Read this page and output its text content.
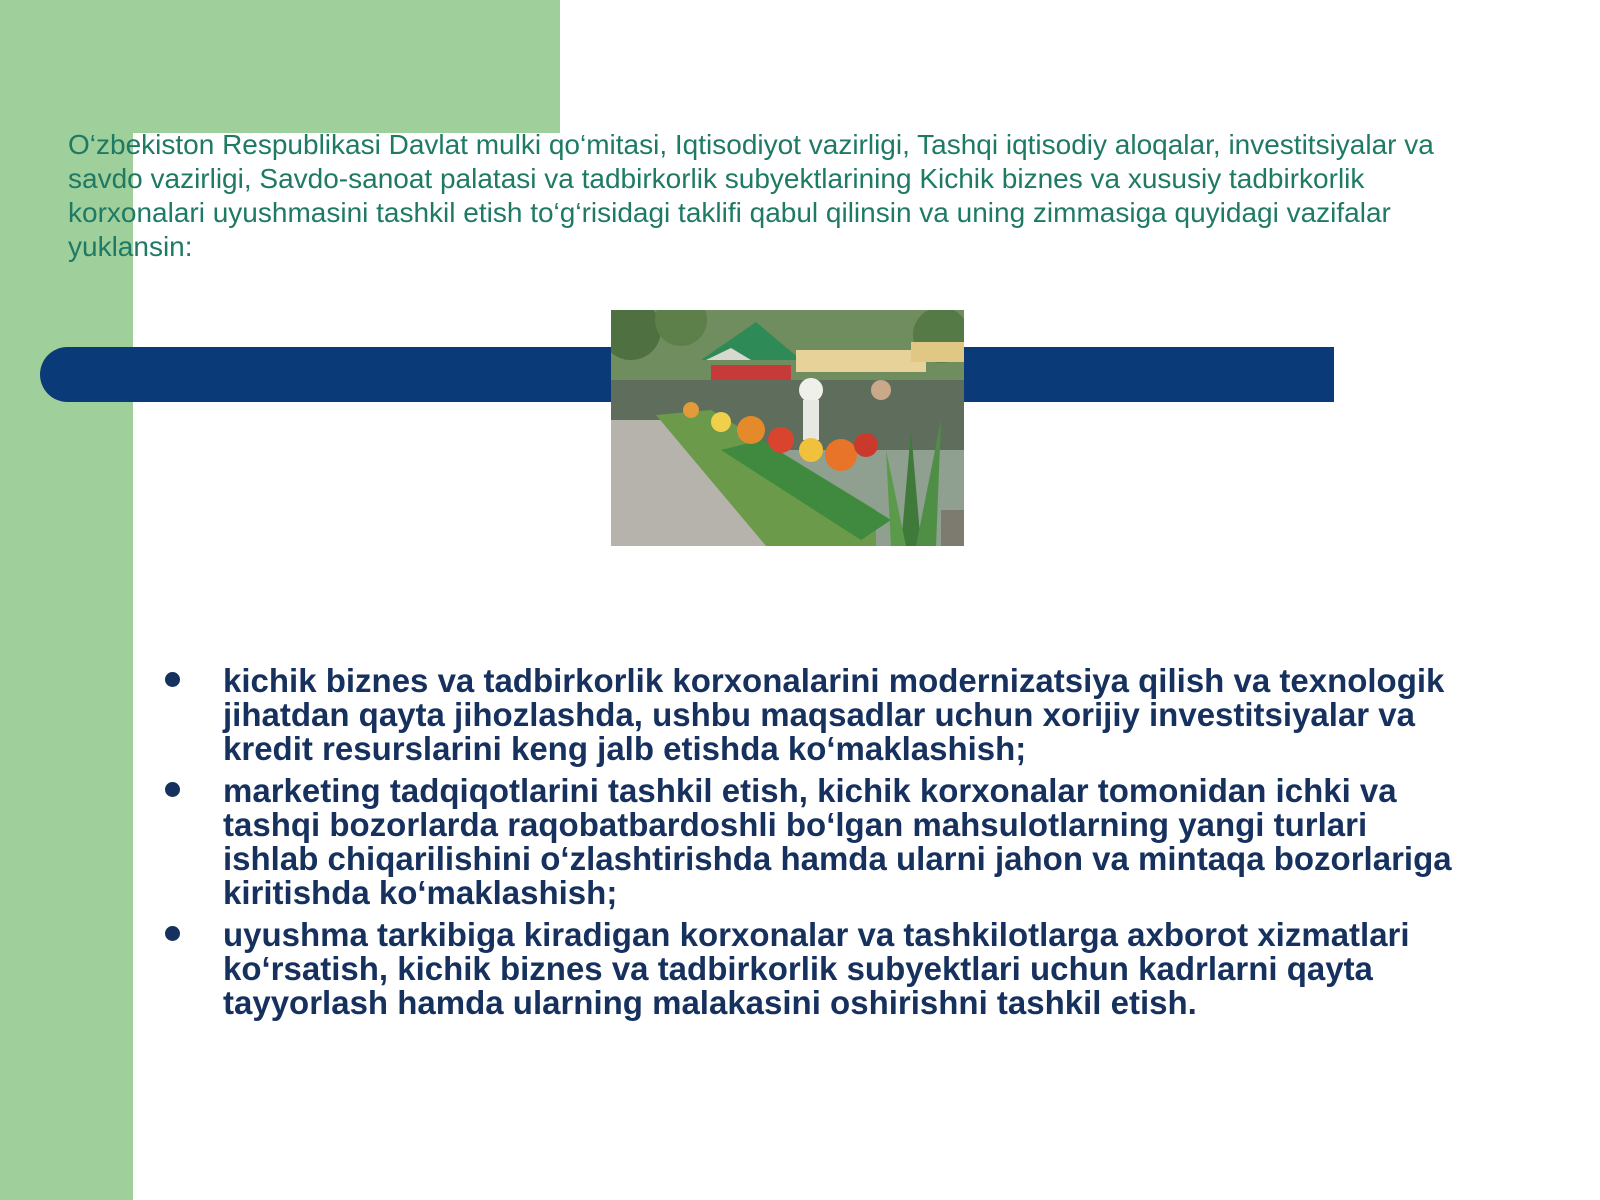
O‘zbekiston Respublikasi Davlat mulki qo‘mitasi, Iqtisodiyot vazirligi, Tashqi iqtisodiy aloqalar, investitsiyalar va savdo vazirligi, Savdo-sanoat palatasi va tadbirkorlik subyektlarining Kichik biznes va xususiy tadbirkorlik korxonalari uyushmasini tashkil etish to‘g‘risidagi taklifi qabul qilinsin va uning zimmasiga quyidagi vazifalar yuklansin:

kichik biznes va tadbirkorlik korxonalarini modernizatsiya qilish va texnologik jihatdan qayta jihozlashda, ushbu maqsadlar uchun xorijiy investitsiyalar va kredit resurslarini keng jalb etishda ko‘maklashish;
marketing tadqiqotlarini tashkil etish, kichik korxonalar tomonidan ichki va tashqi bozorlarda raqobatbardoshli bo‘lgan mahsulotlarning yangi turlari ishlab chiqarilishini o‘zlashtirishda hamda ularni jahon va mintaqa bozorlariga kiritishda ko‘maklashish;
uyushma tarkibiga kiradigan korxonalar va tashkilotlarga axborot xizmatlari ko‘rsatish, kichik biznes va tadbirkorlik subyektlari uchun kadrlarni qayta tayyorlash hamda ularning malakasini oshirishni tashkil etish.
